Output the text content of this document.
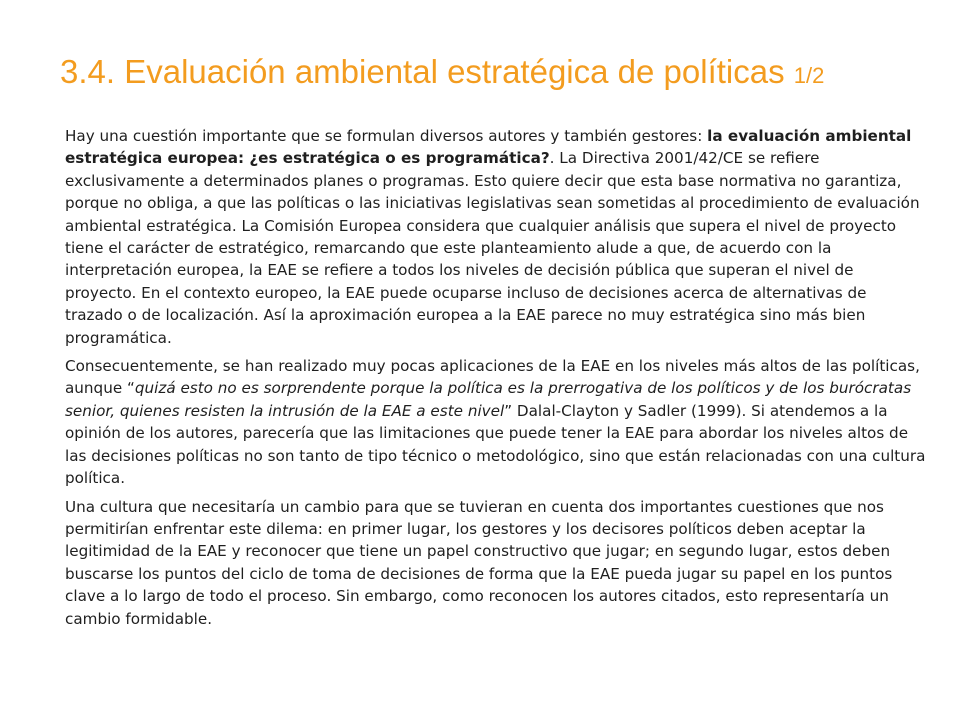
3.4. Evaluación ambiental estratégica de políticas 1/2

Hay una cuestión importante que se formulan diversos autores y también gestores: la evaluación ambiental estratégica europea: ¿es estratégica o es programática?. La Directiva 2001/42/CE se refiere exclusivamente a determinados planes o programas. Esto quiere decir que esta base normativa no garantiza, porque no obliga, a que las políticas o las iniciativas legislativas sean sometidas al procedimiento de evaluación ambiental estratégica. La Comisión Europea considera que cualquier análisis que supera el nivel de proyecto tiene el carácter de estratégico, remarcando que este planteamiento alude a que, de acuerdo con la interpretación europea, la EAE se refiere a todos los niveles de decisión pública que superan el nivel de proyecto. En el contexto europeo, la EAE puede ocuparse incluso de decisiones acerca de alternativas de trazado o de localización. Así la aproximación europea a la EAE parece no muy estratégica sino más bien programática.

Consecuentemente, se han realizado muy pocas aplicaciones de la EAE en los niveles más altos de las políticas, aunque “quizá esto no es sorprendente porque la política es la prerrogativa de los políticos y de los burócratas senior, quienes resisten la intrusión de la EAE a este nivel” Dalal-Clayton y Sadler (1999). Si atendemos a la opinión de los autores, parecería que las limitaciones que puede tener la EAE para abordar los niveles altos de las decisiones políticas no son tanto de tipo técnico o metodológico, sino que están relacionadas con una cultura política.

Una cultura que necesitaría un cambio para que se tuvieran en cuenta dos importantes cuestiones que nos permitirían enfrentar este dilema: en primer lugar, los gestores y los decisores políticos deben aceptar la legitimidad de la EAE y reconocer que tiene un papel constructivo que jugar; en segundo lugar, estos deben buscarse los puntos del ciclo de toma de decisiones de forma que la EAE pueda jugar su papel en los puntos clave a lo largo de todo el proceso. Sin embargo, como reconocen los autores citados, esto representaría un cambio formidable.
